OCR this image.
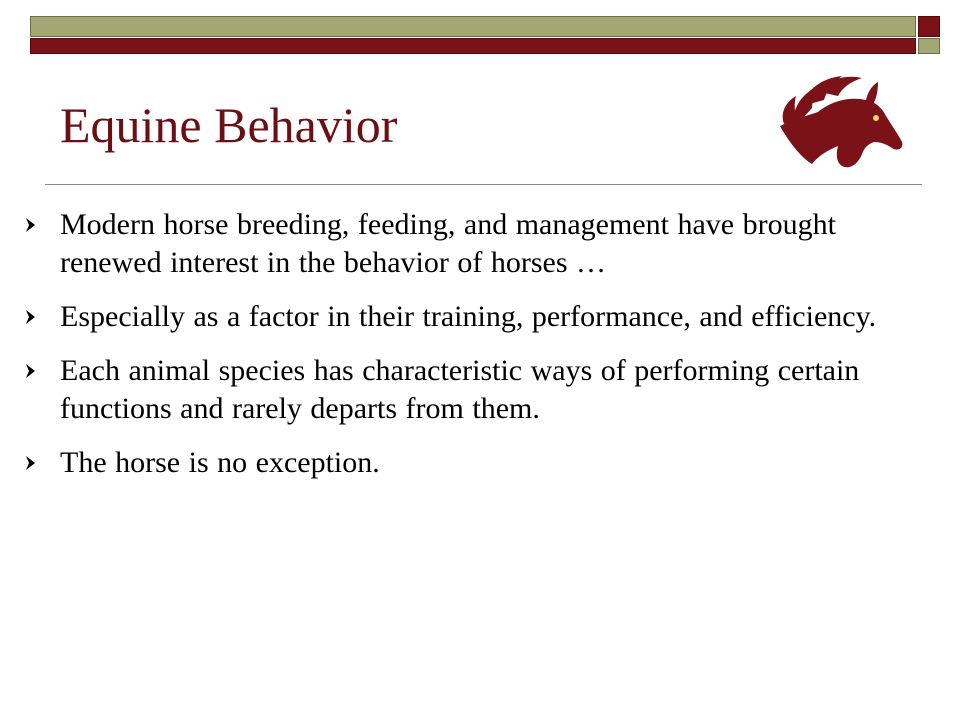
Equine Behavior
Modern horse breeding, feeding, and management have brought renewed interest in the behavior of horses …
Especially as a factor in their training, performance, and efficiency.
Each animal species has characteristic ways of performing certain functions and rarely departs from them.
The horse is no exception.
